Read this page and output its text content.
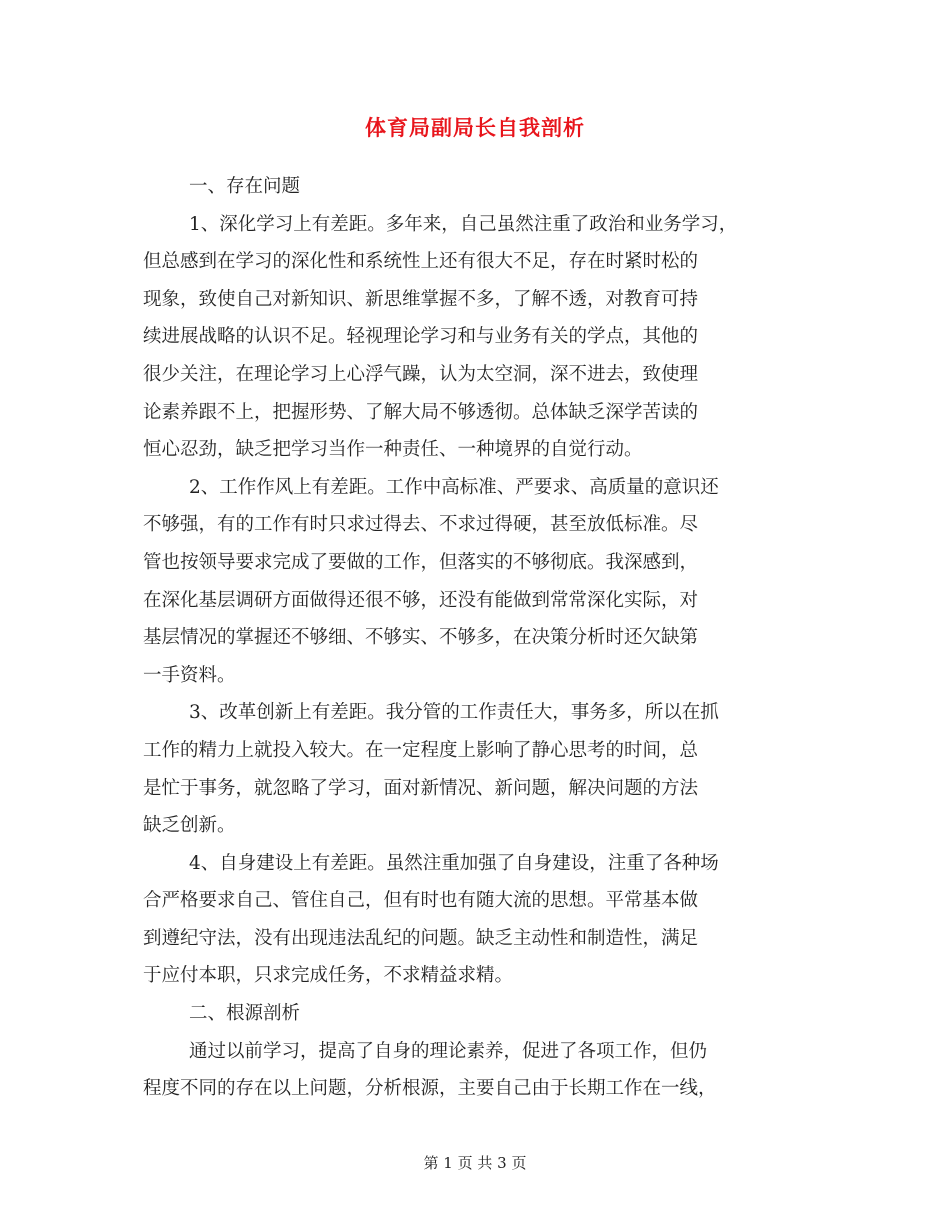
体育局副局长自我剖析
一、存在问题
1、深化学习上有差距。多年来，自己虽然注重了政治和业务学习，
但总感到在学习的深化性和系统性上还有很大不足，存在时紧时松的
现象，致使自己对新知识、新思维掌握不多，了解不透，对教育可持
续进展战略的认识不足。轻视理论学习和与业务有关的学点，其他的
很少关注，在理论学习上心浮气躁，认为太空洞，深不进去，致使理
论素养跟不上，把握形势、了解大局不够透彻。总体缺乏深学苦读的
恒心忍劲，缺乏把学习当作一种责任、一种境界的自觉行动。
2、工作作风上有差距。工作中高标准、严要求、高质量的意识还
不够强，有的工作有时只求过得去、不求过得硬，甚至放低标准。尽
管也按领导要求完成了要做的工作，但落实的不够彻底。我深感到，
在深化基层调研方面做得还很不够，还没有能做到常常深化实际，对
基层情况的掌握还不够细、不够实、不够多，在决策分析时还欠缺第
一手资料。
3、改革创新上有差距。我分管的工作责任大，事务多，所以在抓
工作的精力上就投入较大。在一定程度上影响了静心思考的时间，总
是忙于事务，就忽略了学习，面对新情况、新问题，解决问题的方法
缺乏创新。
4、自身建设上有差距。虽然注重加强了自身建设，注重了各种场
合严格要求自己、管住自己，但有时也有随大流的思想。平常基本做
到遵纪守法，没有出现违法乱纪的问题。缺乏主动性和制造性，满足
于应付本职，只求完成任务，不求精益求精。
二、根源剖析
通过以前学习，提高了自身的理论素养，促进了各项工作，但仍
程度不同的存在以上问题，分析根源，主要自己由于长期工作在一线，
第 1 页 共 3 页
